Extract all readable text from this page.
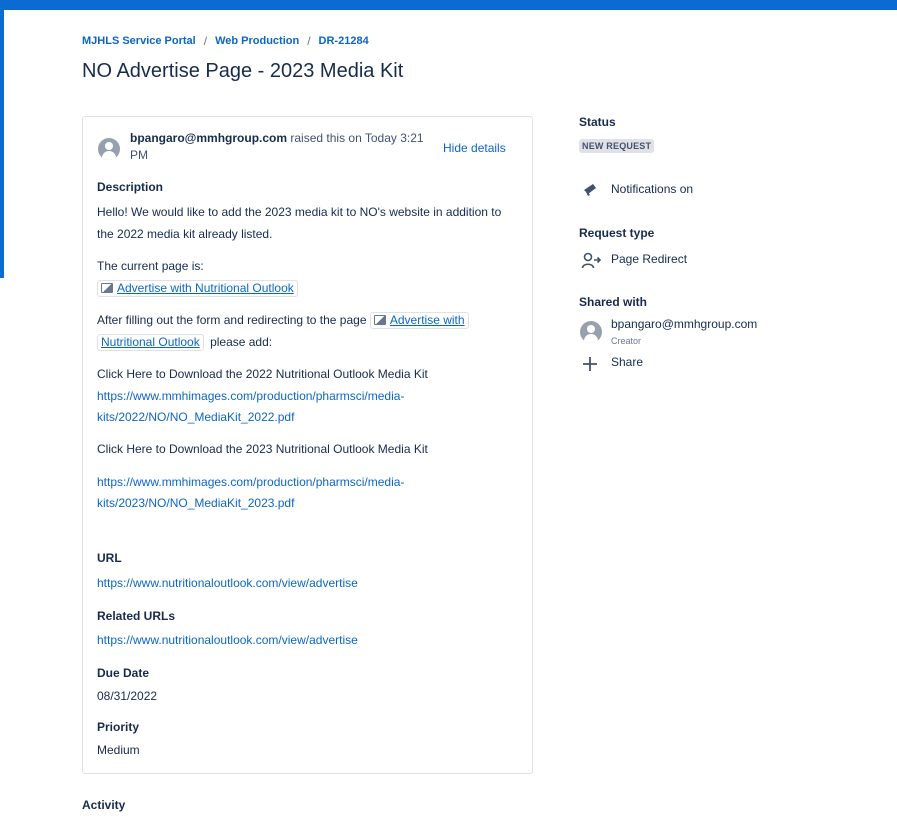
MJHLS Service Portal / Web Production / DR-21284
NO Advertise Page - 2023 Media Kit
bpangaro@mmhgroup.com raised this on Today 3:21 PM	Hide details
Description
Hello! We would like to add the 2023 media kit to NO's website in addition to
the 2022 media kit already listed.
The current page is:
Advertise with Nutritional Outlook
After filling out the form and redirecting to the page Advertise with
Nutritional Outlook please add:
Click Here to Download the 2022 Nutritional Outlook Media Kit
https://www.mmhimages.com/production/pharmsci/media-
kits/2022/NO/NO_MediaKit_2022.pdf
Click Here to Download the 2023 Nutritional Outlook Media Kit
https://www.mmhimages.com/production/pharmsci/media-
kits/2023/NO/NO_MediaKit_2023.pdf
URL
https://www.nutritionaloutlook.com/view/advertise
Related URLs
https://www.nutritionaloutlook.com/view/advertise
Due Date
08/31/2022
Priority
Medium
Status
NEW REQUEST
Notifications on
Request type
Page Redirect
Shared with
bpangaro@mmhgroup.com
Creator
Share
Activity
